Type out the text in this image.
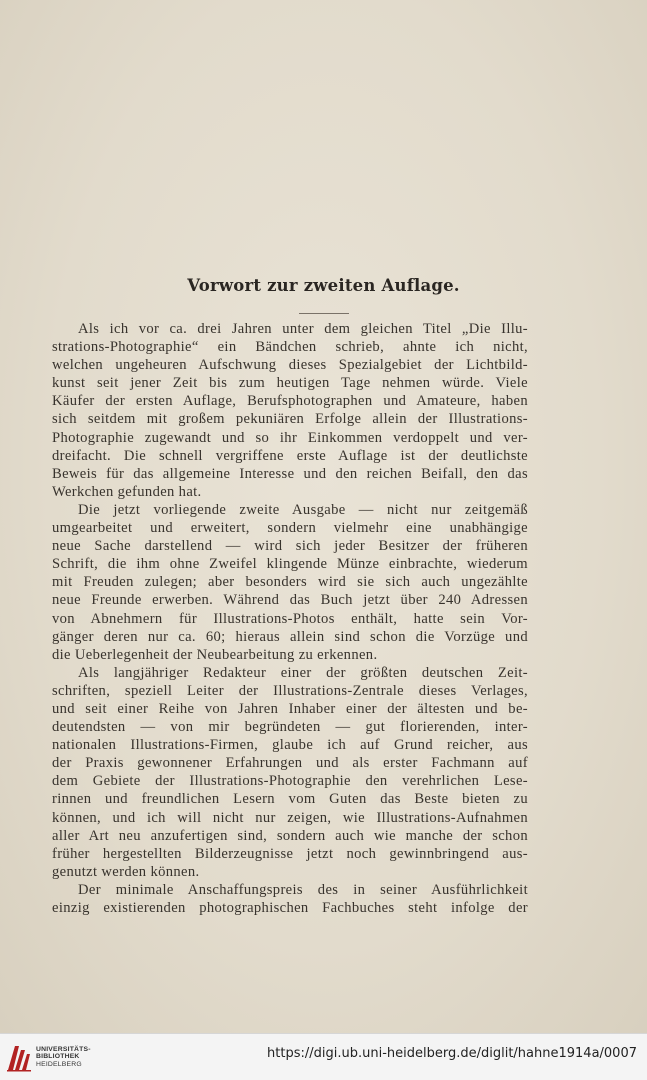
Vorwort zur zweiten Auflage.
Als ich vor ca. drei Jahren unter dem gleichen Titel „Die Illu-
strations-Photographie“ ein Bändchen schrieb, ahnte ich nicht,
welchen ungeheuren Aufschwung dieses Spezialgebiet der Lichtbild-
kunst seit jener Zeit bis zum heutigen Tage nehmen würde. Viele
Käufer der ersten Auflage, Berufsphotographen und Amateure, haben
sich seitdem mit großem pekuniären Erfolge allein der Illustrations-
Photographie zugewandt und so ihr Einkommen verdoppelt und ver-
dreifacht. Die schnell vergriffene erste Auflage ist der deutlichste
Beweis für das allgemeine Interesse und den reichen Beifall, den das
Werkchen gefunden hat.
Die jetzt vorliegende zweite Ausgabe — nicht nur zeitgemäß
umgearbeitet und erweitert, sondern vielmehr eine unabhängige
neue Sache darstellend — wird sich jeder Besitzer der früheren
Schrift, die ihm ohne Zweifel klingende Münze einbrachte, wiederum
mit Freuden zulegen; aber besonders wird sie sich auch ungezählte
neue Freunde erwerben. Während das Buch jetzt über 240 Adressen
von Abnehmern für Illustrations-Photos enthält, hatte sein Vor-
gänger deren nur ca. 60; hieraus allein sind schon die Vorzüge und
die Ueberlegenheit der Neubearbeitung zu erkennen.
Als langjähriger Redakteur einer der größten deutschen Zeit-
schriften, speziell Leiter der Illustrations-Zentrale dieses Verlages,
und seit einer Reihe von Jahren Inhaber einer der ältesten und be-
deutendsten — von mir begründeten — gut florierenden, inter-
nationalen Illustrations-Firmen, glaube ich auf Grund reicher, aus
der Praxis gewonnener Erfahrungen und als erster Fachmann auf
dem Gebiete der Illustrations-Photographie den verehrlichen Lese-
rinnen und freundlichen Lesern vom Guten das Beste bieten zu
können, und ich will nicht nur zeigen, wie Illustrations-Aufnahmen
aller Art neu anzufertigen sind, sondern auch wie manche der schon
früher hergestellten Bilderzeugnisse jetzt noch gewinnbringend aus-
genutzt werden können.
Der minimale Anschaffungspreis des in seiner Ausführlichkeit
einzig existierenden photographischen Fachbuches steht infolge der
UNIVERSITÄTS-
BIBLIOTHEK
HEIDELBERG
https://digi.ub.uni-heidelberg.de/diglit/hahne1914a/0007
